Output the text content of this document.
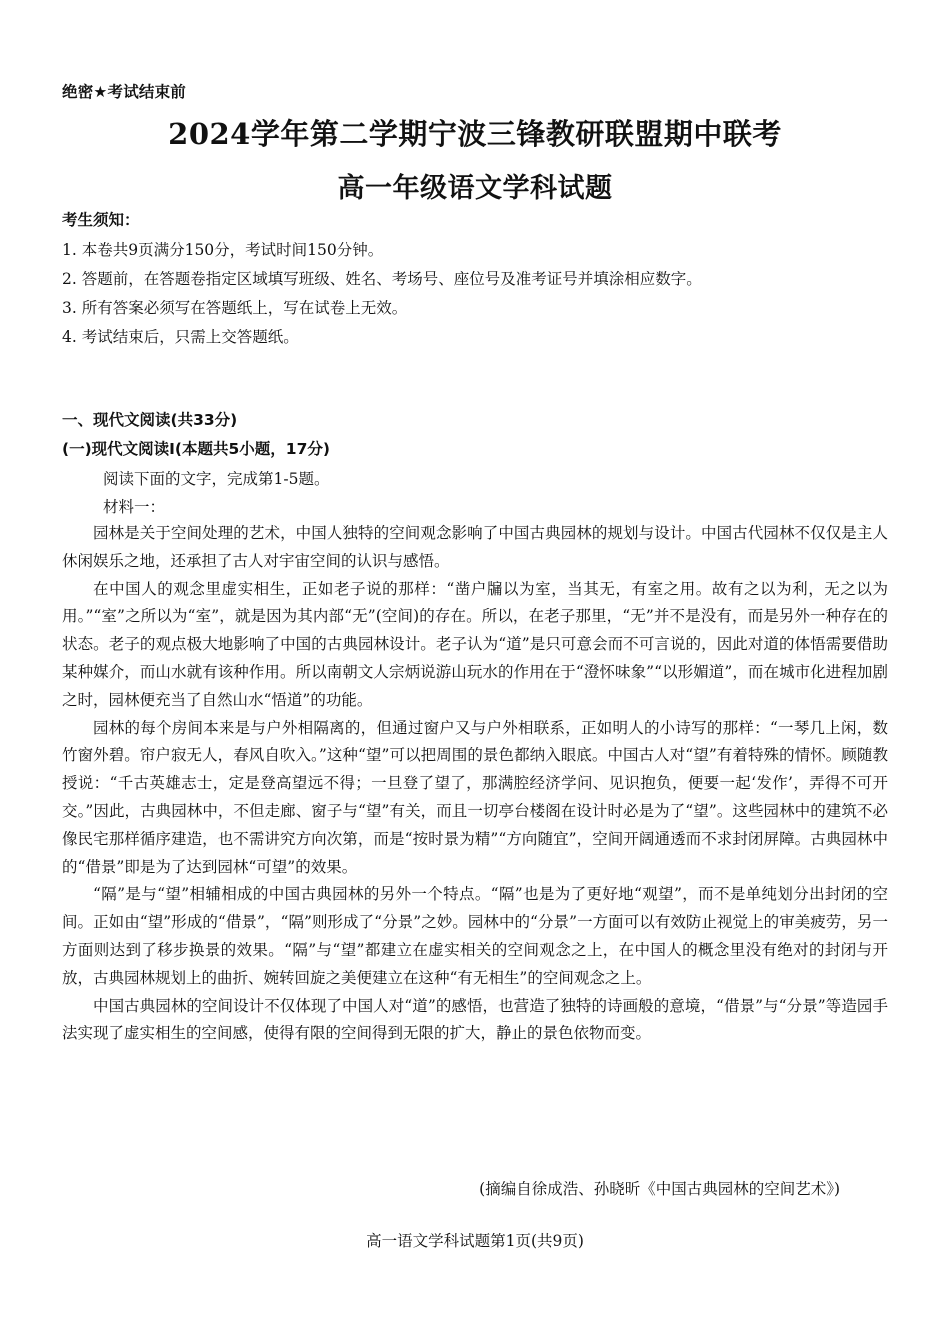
绝密★考试结束前
2024学年第二学期宁波三锋教研联盟期中联考
高一年级语文学科试题
考生须知：
1. 本卷共9页满分150分，考试时间150分钟。
2. 答题前，在答题卷指定区域填写班级、姓名、考场号、座位号及准考证号并填涂相应数字。
3. 所有答案必须写在答题纸上，写在试卷上无效。
4. 考试结束后，只需上交答题纸。
一、现代文阅读(共33分)
(一)现代文阅读Ⅰ(本题共5小题，17分)
阅读下面的文字，完成第1-5题。
材料一：

园林是关于空间处理的艺术，中国人独特的空间观念影响了中国古典园林的规划与设计。中国古代园林不仅仅是主人休闲娱乐之地，还承担了古人对宇宙空间的认识与感悟。

在中国人的观念里虚实相生，正如老子说的那样：“凿户牖以为室，当其无，有室之用。故有之以为利，无之以为用。”“室”之所以为“室”，就是因为其内部“无”(空间)的存在。所以，在老子那里，“无”并不是没有，而是另外一种存在的状态。老子的观点极大地影响了中国的古典园林设计。老子认为“道”是只可意会而不可言说的，因此对道的体悟需要借助某种媒介，而山水就有该种作用。所以南朝文人宗炳说游山玩水的作用在于“澄怀味象”“以形媚道”，而在城市化进程加剧之时，园林便充当了自然山水“悟道”的功能。

园林的每个房间本来是与户外相隔离的，但通过窗户又与户外相联系，正如明人的小诗写的那样：“一琴几上闲，数竹窗外碧。帘户寂无人，春风自吹入。”这种“望”可以把周围的景色都纳入眼底。中国古人对“望”有着特殊的情怀。顾随教授说：“千古英雄志士，定是登高望远不得；一旦登了望了，那满腔经济学问、见识抱负，便要一起‘发作’，弄得不可开交。”因此，古典园林中，不但走廊、窗子与“望”有关，而且一切亭台楼阁在设计时必是为了“望”。这些园林中的建筑不必像民宅那样循序建造，也不需讲究方向次第，而是“按时景为精”“方向随宜”，空间开阔通透而不求封闭屏障。古典园林中的“借景”即是为了达到园林“可望”的效果。

“隔”是与“望”相辅相成的中国古典园林的另外一个特点。“隔”也是为了更好地“观望”，而不是单纯划分出封闭的空间。正如由“望”形成的“借景”，“隔”则形成了“分景”之妙。园林中的“分景”一方面可以有效防止视觉上的审美疲劳，另一方面则达到了移步换景的效果。“隔”与“望”都建立在虚实相关的空间观念之上，在中国人的概念里没有绝对的封闭与开放，古典园林规划上的曲折、婉转回旋之美便建立在这种“有无相生”的空间观念之上。

中国古典园林的空间设计不仅体现了中国人对“道”的感悟，也营造了独特的诗画般的意境，“借景”与“分景”等造园手法实现了虚实相生的空间感，使得有限的空间得到无限的扩大，静止的景色依物而变。

(摘编自徐成浩、孙晓昕《中国古典园林的空间艺术》)
高一语文学科试题第1页(共9页)
